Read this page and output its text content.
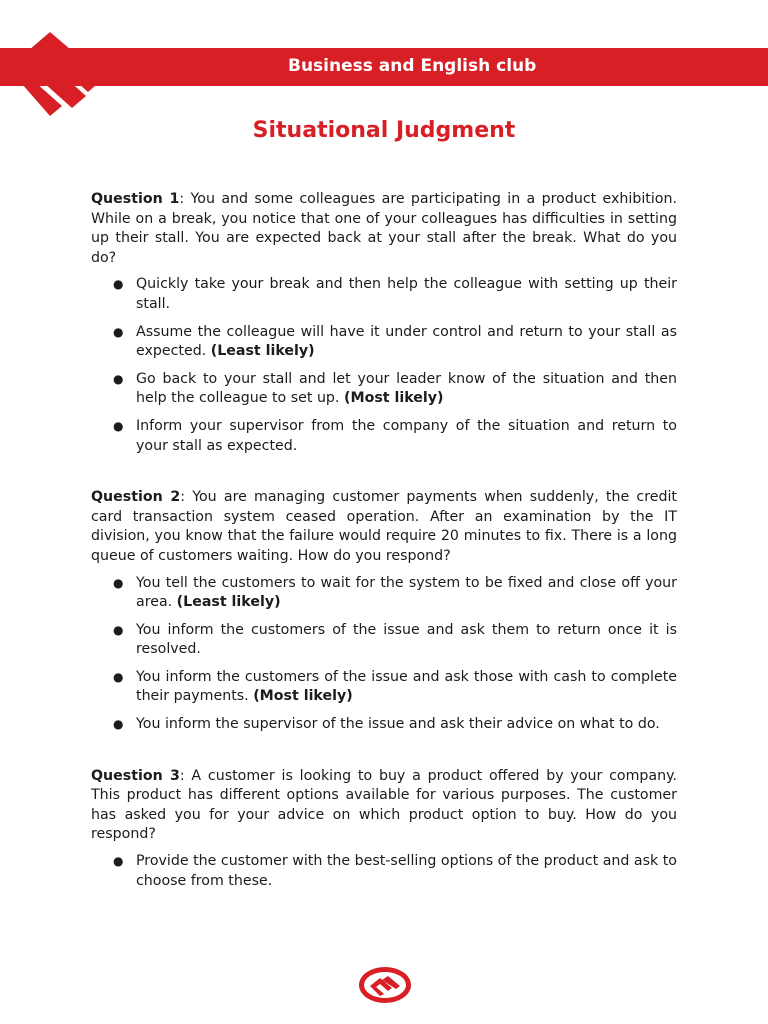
Business and English club
Situational Judgment

Question 1: You and some colleagues are participating in a product exhibition. While on a break, you notice that one of your colleagues has difficulties in setting up their stall. You are expected back at your stall after the break. What do you do?

● Quickly take your break and then help the colleague with setting up their stall.
● Assume the colleague will have it under control and return to your stall as expected. (Least likely)
● Go back to your stall and let your leader know of the situation and then help the colleague to set up. (Most likely)
● Inform your supervisor from the company of the situation and return to your stall as expected.

Question 2: You are managing customer payments when suddenly, the credit card transaction system ceased operation. After an examination by the IT division, you know that the failure would require 20 minutes to fix. There is a long queue of customers waiting. How do you respond?

● You tell the customers to wait for the system to be fixed and close off your area. (Least likely)
● You inform the customers of the issue and ask them to return once it is resolved.
● You inform the customers of the issue and ask those with cash to complete their payments. (Most likely)
● You inform the supervisor of the issue and ask their advice on what to do.

Question 3: A customer is looking to buy a product offered by your company. This product has different options available for various purposes. The customer has asked you for your advice on which product option to buy. How do you respond?

● Provide the customer with the best-selling options of the product and ask to choose from these.
